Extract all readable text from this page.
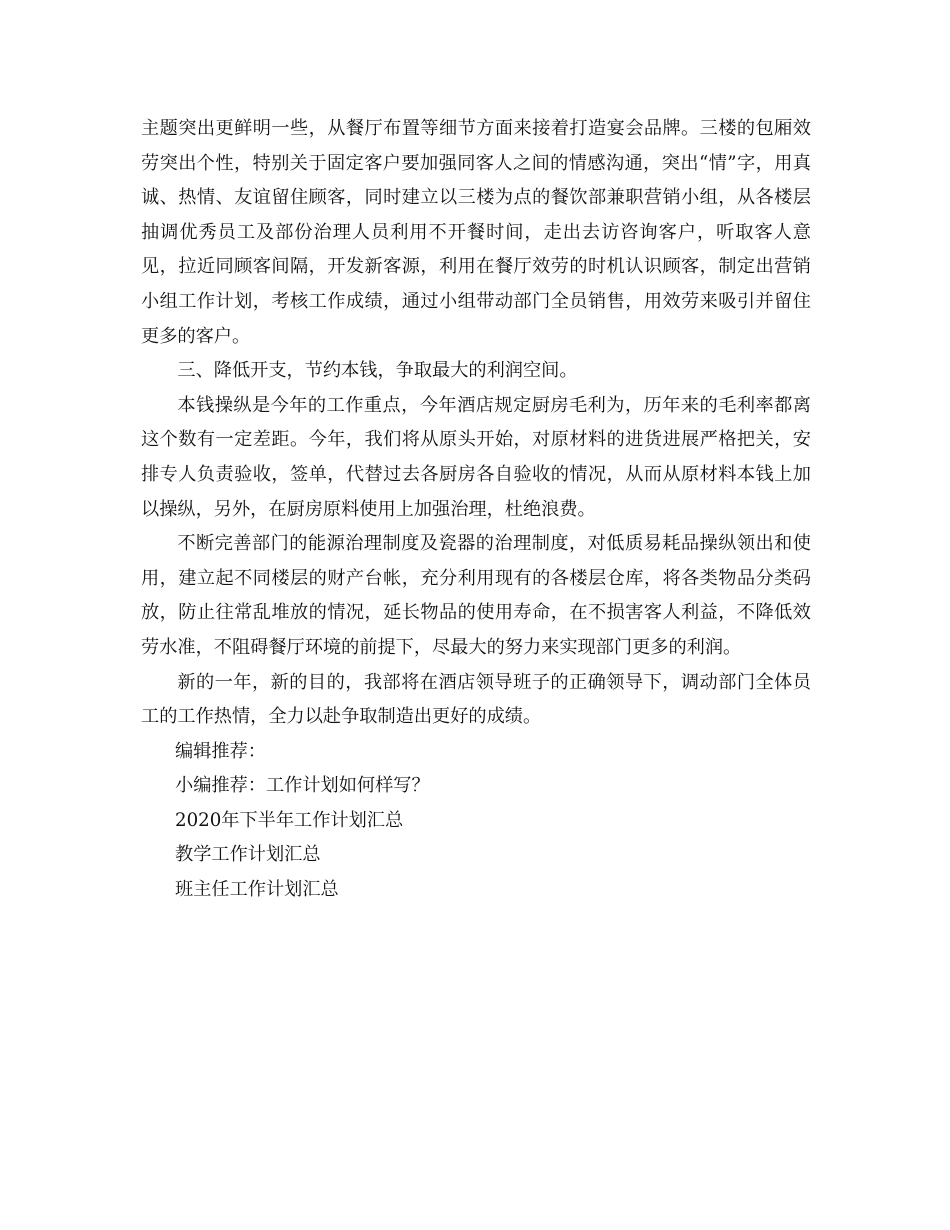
主题突出更鲜明一些，从餐厅布置等细节方面来接着打造宴会品牌。三楼的包厢效劳突出个性，特别关于固定客户要加强同客人之间的情感沟通，突出“情”字，用真诚、热情、友谊留住顾客，同时建立以三楼为点的餐饮部兼职营销小组，从各楼层抽调优秀员工及部份治理人员利用不开餐时间，走出去访咨询客户，听取客人意见，拉近同顾客间隔，开发新客源，利用在餐厅效劳的时机认识顾客，制定出营销小组工作计划，考核工作成绩，通过小组带动部门全员销售，用效劳来吸引并留住更多的客户。

三、降低开支，节约本钱，争取最大的利润空间。

本钱操纵是今年的工作重点，今年酒店规定厨房毛利为，历年来的毛利率都离这个数有一定差距。今年，我们将从原头开始，对原材料的进货进展严格把关，安排专人负责验收，签单，代替过去各厨房各自验收的情况，从而从原材料本钱上加以操纵，另外，在厨房原料使用上加强治理，杜绝浪费。

不断完善部门的能源治理制度及瓷器的治理制度，对低质易耗品操纵领出和使用，建立起不同楼层的财产台帐，充分利用现有的各楼层仓库，将各类物品分类码放，防止往常乱堆放的情况，延长物品的使用寿命，在不损害客人利益，不降低效劳水准，不阻碍餐厅环境的前提下，尽最大的努力来实现部门更多的利润。

新的一年，新的目的，我部将在酒店领导班子的正确领导下，调动部门全体员工的工作热情，全力以赴争取制造出更好的成绩。

编辑推荐：

小编推荐：工作计划如何样写？

2020年下半年工作计划汇总

教学工作计划汇总

班主任工作计划汇总
